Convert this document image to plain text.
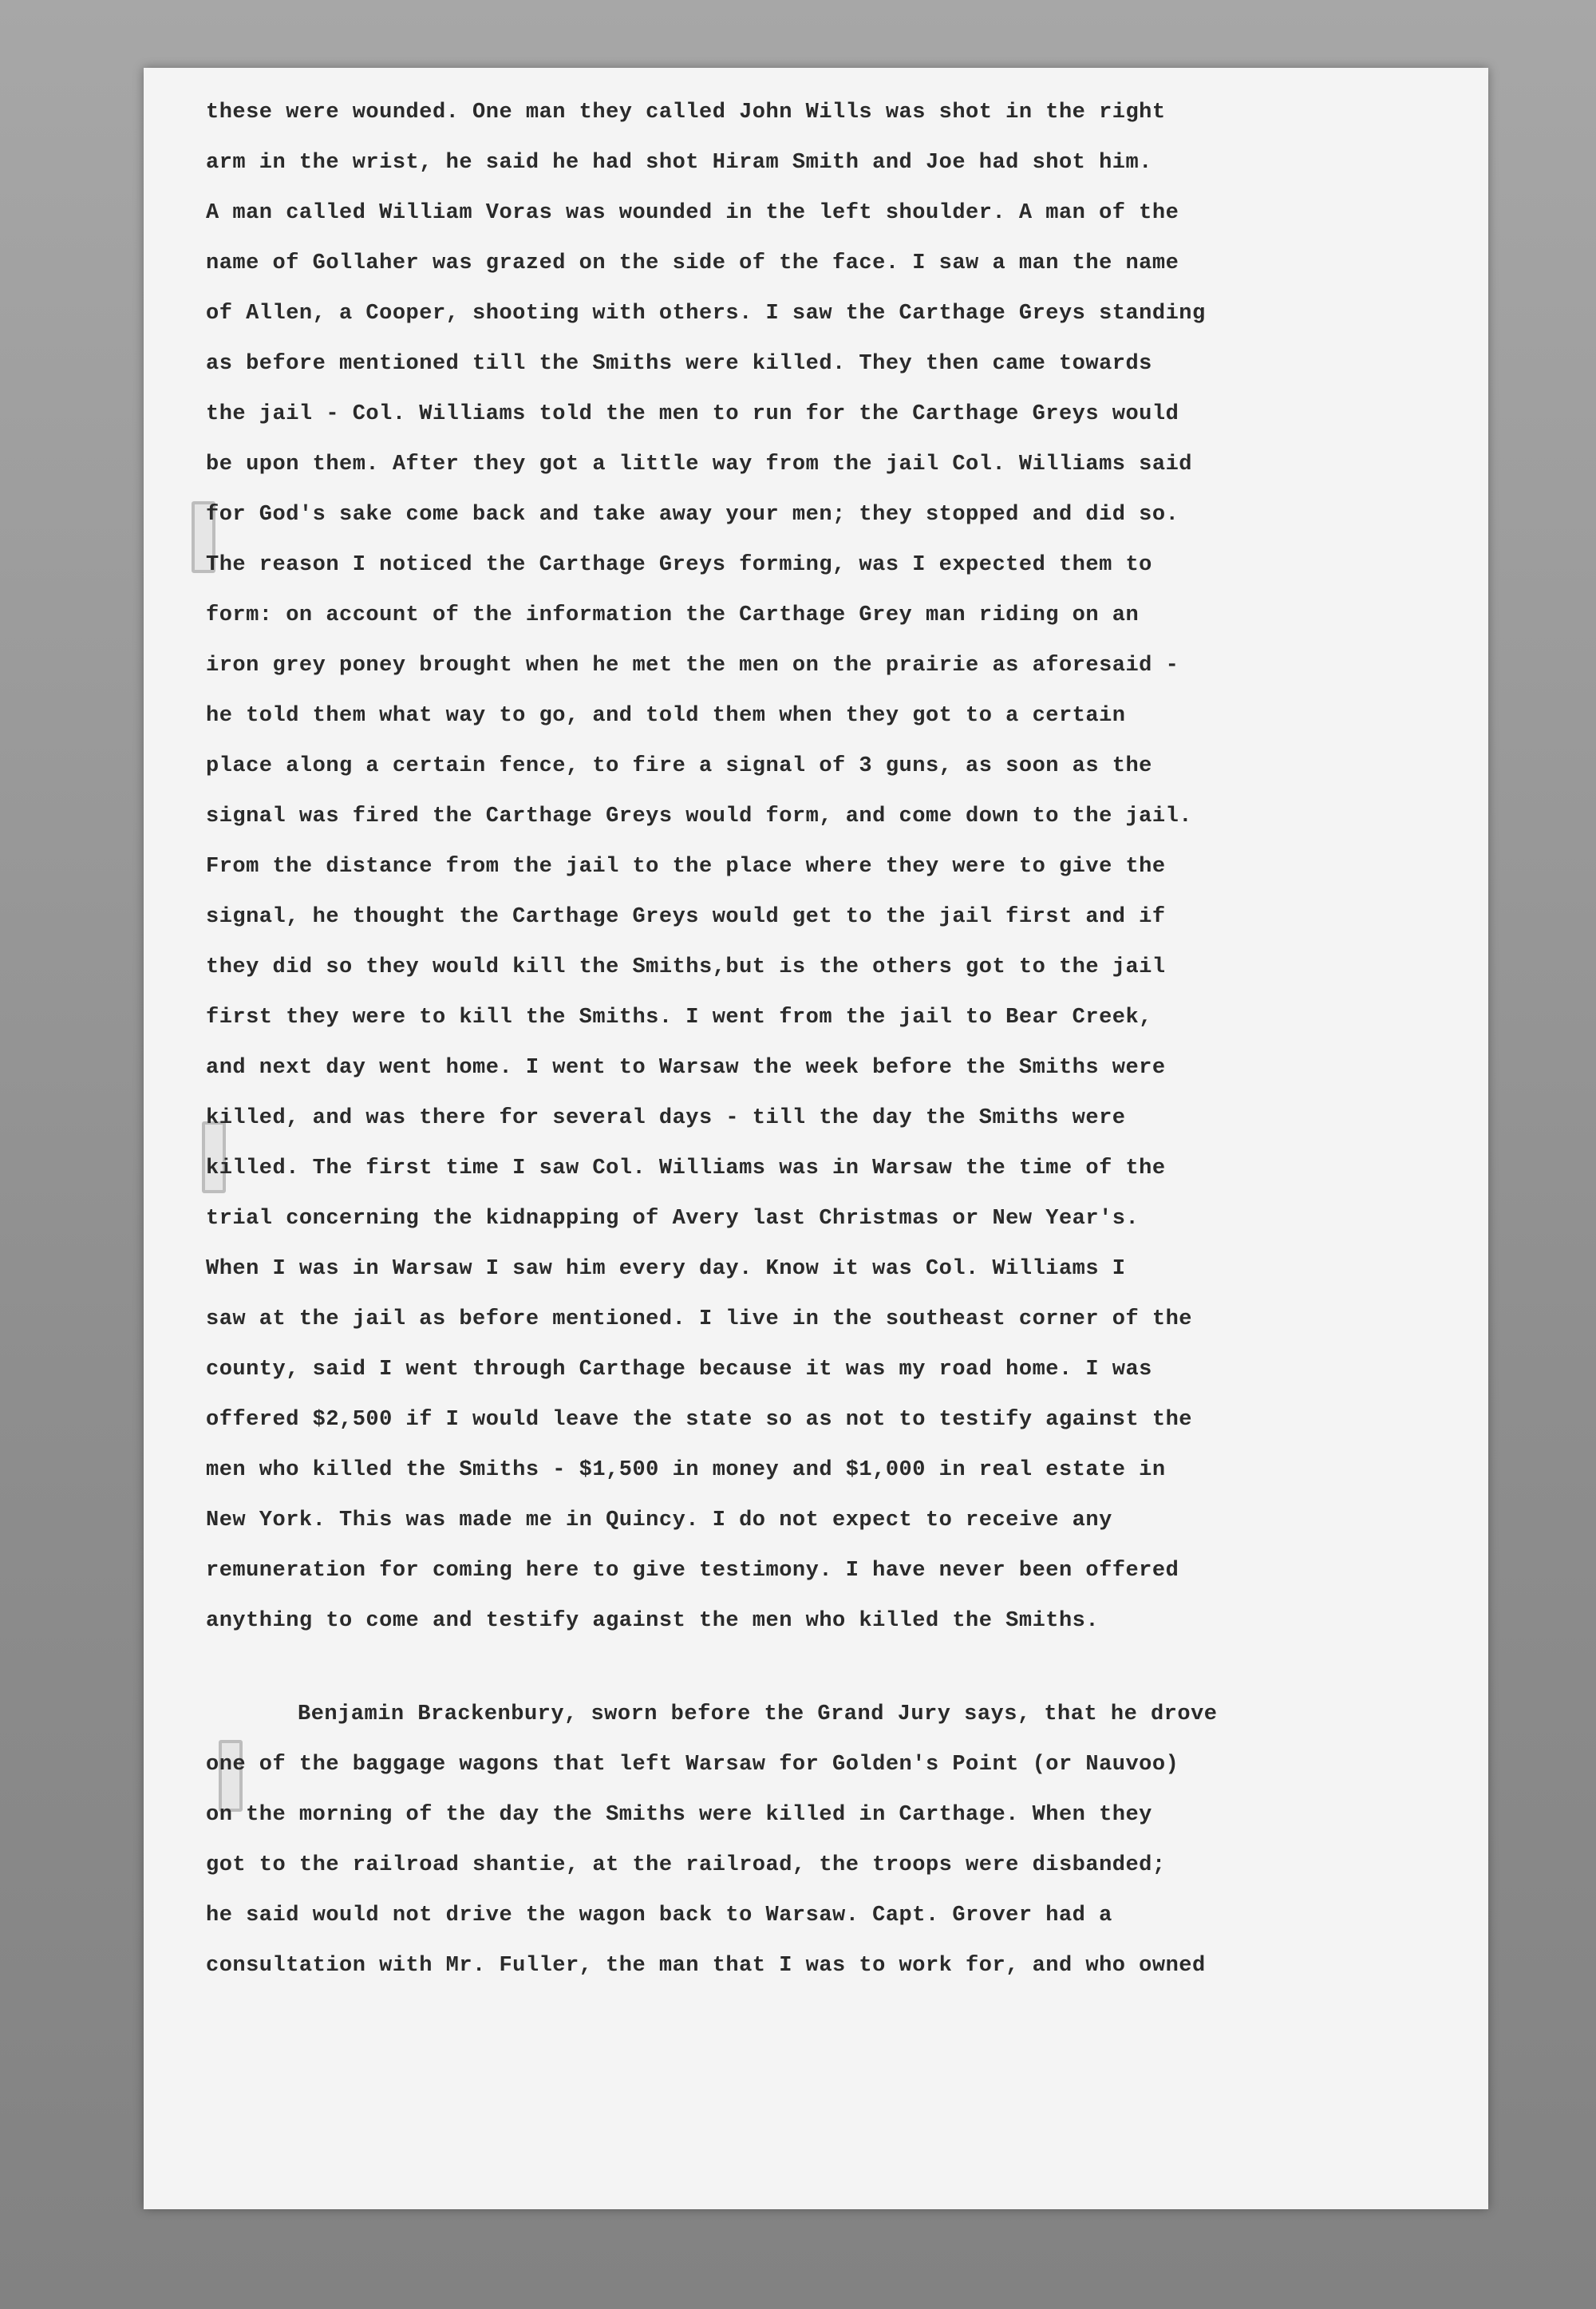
these were wounded. One man they called John Wills was shot in the right
arm in the wrist, he said he had shot Hiram Smith and Joe had shot him.
A man called William Voras was wounded in the left shoulder. A man of the
name of Gollaher was grazed on the side of the face. I saw a man the name
of Allen, a Cooper, shooting with others. I saw the Carthage Greys standing
as before mentioned till the Smiths were killed. They then came towards
the jail - Col. Williams told the men to run for the Carthage Greys would
be upon them. After they got a little way from the jail Col. Williams said
for God's sake come back and take away your men; they stopped and did so.
The reason I noticed the Carthage Greys forming, was I expected them to
form: on account of the information the Carthage Grey man riding on an
iron grey poney brought when he met the men on the prairie as aforesaid -
he told them what way to go, and told them when they got to a certain
place along a certain fence, to fire a signal of 3 guns, as soon as the
signal was fired the Carthage Greys would form, and come down to the jail.
From the distance from the jail to the place where they were to give the
signal, he thought the Carthage Greys would get to the jail first and if
they did so they would kill the Smiths,but is the others got to the jail
first they were to kill the Smiths. I went from the jail to Bear Creek,
and next day went home. I went to Warsaw the week before the Smiths were
killed, and was there for several days - till the day the Smiths were
killed. The first time I saw Col. Williams was in Warsaw the time of the
trial concerning the kidnapping of Avery last Christmas or New Year's.
When I was in Warsaw I saw him every day. Know it was Col. Williams I
saw at the jail as before mentioned. I live in the southeast corner of the
county, said I went through Carthage because it was my road home. I was
offered $2,500 if I would leave the state so as not to testify against the
men who killed the Smiths - $1,500 in money and $1,000 in real estate in
New York. This was made me in Quincy. I do not expect to receive any
remuneration for coming here to give testimony. I have never been offered
anything to come and testify against the men who killed the Smiths.
Benjamin Brackenbury, sworn before the Grand Jury says, that he drove
one of the baggage wagons that left Warsaw for Golden's Point (or Nauvoo)
on the morning of the day the Smiths were killed in Carthage. When they
got to the railroad shantie, at the railroad, the troops were disbanded;
he said would not drive the wagon back to Warsaw. Capt. Grover had a
consultation with Mr. Fuller, the man that I was to work for, and who owned
